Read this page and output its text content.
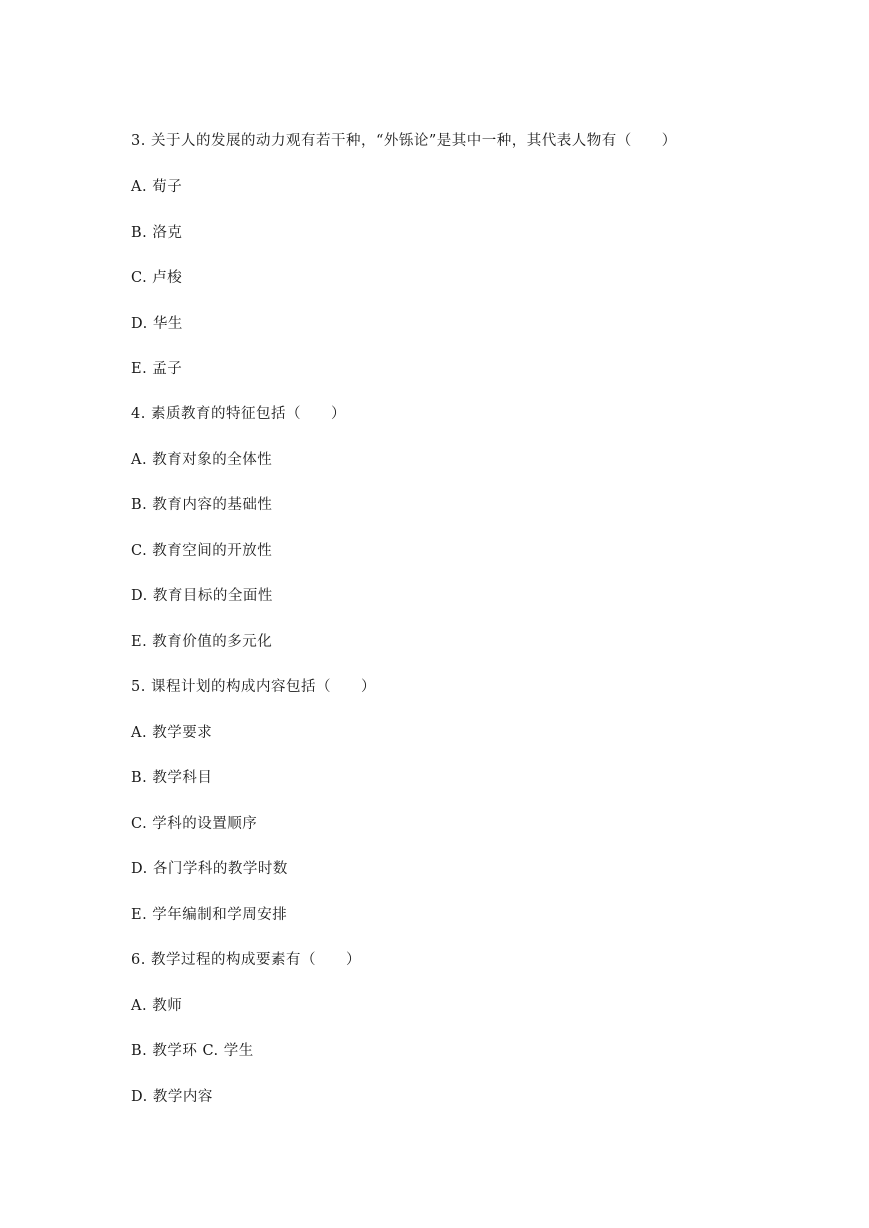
3. 关于人的发展的动力观有若干种，“外铄论”是其中一种，其代表人物有（　　）
A. 荀子
B. 洛克
C. 卢梭
D. 华生
E. 孟子
4. 素质教育的特征包括（　　）
A. 教育对象的全体性
B. 教育内容的基础性
C. 教育空间的开放性
D. 教育目标的全面性
E. 教育价值的多元化
5. 课程计划的构成内容包括（　　）
A. 教学要求
B. 教学科目
C. 学科的设置顺序
D. 各门学科的教学时数
E. 学年编制和学周安排
6. 教学过程的构成要素有（　　）
A. 教师
B. 教学环 C. 学生
D. 教学内容
